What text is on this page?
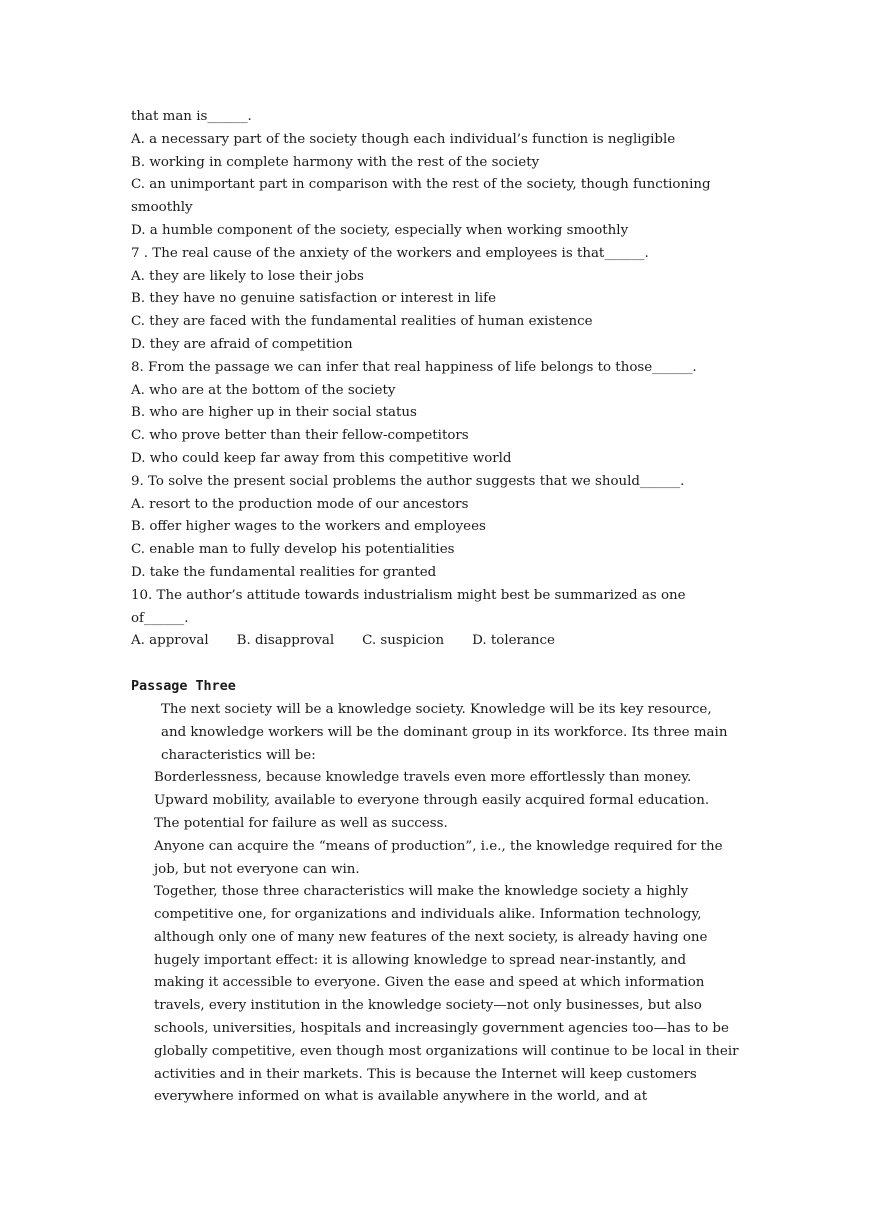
that man is______.
A. a necessary part of the society though each individual’s function is negligible
B. working in complete harmony with the rest of the society
C. an unimportant part in comparison with the rest of the society, though functioning smoothly
D. a humble component of the society, especially when working smoothly
7 . The real cause of the anxiety of the workers and employees is that______.
A. they are likely to lose their jobs
B. they have no genuine satisfaction or interest in life
C. they are faced with the fundamental realities of human existence
D. they are afraid of competition
8. From the passage we can infer that real happiness of life belongs to those______.
A. who are at the bottom of the society
B. who are higher up in their social status
C. who prove better than their fellow-competitors
D. who could keep far away from this competitive world
9. To solve the present social problems the author suggests that we should______.
A. resort to the production mode of our ancestors
B. offer higher wages to the workers and employees
C. enable man to fully develop his potentialities
D. take the fundamental realities for granted
10. The author’s attitude towards industrialism might best be summarized as one of______.
A. approval B. disapproval C. suspicion D. tolerance
Passage Three
The next society will be a knowledge society. Knowledge will be its key resource, and knowledge workers will be the dominant group in its workforce. Its three main characteristics will be:
Borderlessness, because knowledge travels even more effortlessly than money.
Upward mobility, available to everyone through easily acquired formal education.
The potential for failure as well as success.
Anyone can acquire the “means of production”, i.e., the knowledge required for the job, but not everyone can win.
Together, those three characteristics will make the knowledge society a highly competitive one, for organizations and individuals alike. Information technology, although only one of many new features of the next society, is already having one hugely important effect: it is allowing knowledge to spread near-instantly, and making it accessible to everyone. Given the ease and speed at which information travels, every institution in the knowledge society—not only businesses, but also schools, universities, hospitals and increasingly government agencies too—has to be globally competitive, even though most organizations will continue to be local in their activities and in their markets. This is because the Internet will keep customers everywhere informed on what is available anywhere in the world, and at
